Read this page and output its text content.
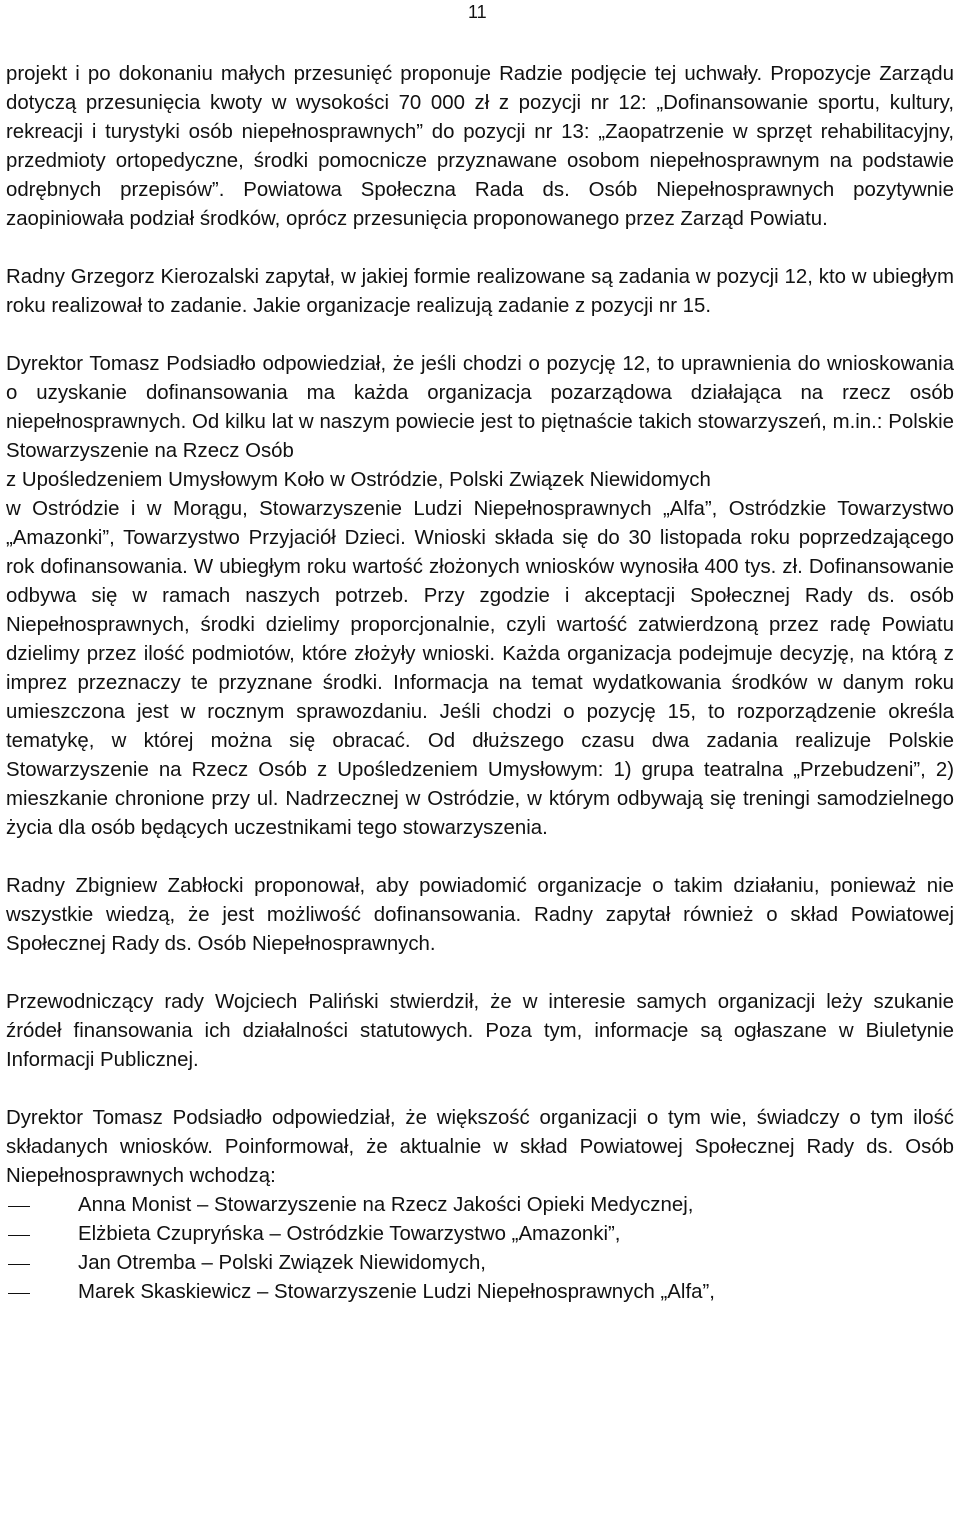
11

projekt i po dokonaniu małych przesunięć proponuje Radzie podjęcie tej uchwały. Propozycje Zarządu dotyczą przesunięcia kwoty w wysokości 70 000 zł z pozycji nr 12: „Dofinansowanie sportu, kultury, rekreacji i turystyki osób niepełnosprawnych” do pozycji nr 13: „Zaopatrzenie w sprzęt rehabilitacyjny, przedmioty ortopedyczne, środki pomocnicze przyznawane osobom niepełnosprawnym na podstawie odrębnych przepisów”. Powiatowa Społeczna Rada ds. Osób Niepełnosprawnych pozytywnie zaopiniowała podział środków, oprócz przesunięcia proponowanego przez Zarząd Powiatu.

Radny Grzegorz Kierozalski zapytał, w jakiej formie realizowane są zadania w pozycji 12, kto w ubiegłym roku realizował to zadanie. Jakie organizacje realizują zadanie z pozycji nr 15.

Dyrektor Tomasz Podsiadło odpowiedział, że jeśli chodzi o pozycję 12, to uprawnienia do wnioskowania o uzyskanie dofinansowania ma każda organizacja pozarządowa działająca na rzecz osób niepełnosprawnych. Od kilku lat w naszym powiecie jest to piętnaście takich stowarzyszeń, m.in.: Polskie Stowarzyszenie na Rzecz Osób
z Upośledzeniem Umysłowym Koło w Ostródzie, Polski Związek Niewidomych
w Ostródzie i w Morągu, Stowarzyszenie Ludzi Niepełnosprawnych „Alfa”, Ostródzkie Towarzystwo „Amazonki”, Towarzystwo Przyjaciół Dzieci. Wnioski składa się do 30 listopada roku poprzedzającego rok dofinansowania. W ubiegłym roku wartość złożonych wniosków wynosiła 400 tys. zł. Dofinansowanie odbywa się w ramach naszych potrzeb. Przy zgodzie i akceptacji Społecznej Rady ds. osób Niepełnosprawnych, środki dzielimy proporcjonalnie, czyli wartość zatwierdzoną przez radę Powiatu dzielimy przez ilość podmiotów, które złożyły wnioski. Każda organizacja podejmuje decyzję, na którą z imprez przeznaczy te przyznane środki. Informacja na temat wydatkowania środków w danym roku umieszczona jest w rocznym sprawozdaniu. Jeśli chodzi o pozycję 15, to rozporządzenie określa tematykę, w której można się obracać. Od dłuższego czasu dwa zadania realizuje Polskie Stowarzyszenie na Rzecz Osób z Upośledzeniem Umysłowym: 1) grupa teatralna „Przebudzeni”, 2) mieszkanie chronione przy ul. Nadrzecznej w Ostródzie, w którym odbywają się treningi samodzielnego życia dla osób będących uczestnikami tego stowarzyszenia.

Radny Zbigniew Zabłocki proponował, aby powiadomić organizacje o takim działaniu, ponieważ nie wszystkie wiedzą, że jest możliwość dofinansowania. Radny zapytał również o skład Powiatowej Społecznej Rady ds. Osób Niepełnosprawnych.

Przewodniczący rady Wojciech Paliński stwierdził, że w interesie samych organizacji leży szukanie źródeł finansowania ich działalności statutowych. Poza tym, informacje są ogłaszane w Biuletynie Informacji Publicznej.

Dyrektor Tomasz Podsiadło odpowiedział, że większość organizacji o tym wie, świadczy o tym ilość składanych wniosków. Poinformował, że aktualnie w skład Powiatowej Społecznej Rady ds. Osób Niepełnosprawnych wchodzą:

Anna Monist – Stowarzyszenie na Rzecz Jakości Opieki Medycznej,
Elżbieta Czupryńska – Ostródzkie Towarzystwo „Amazonki”,
Jan Otremba – Polski Związek Niewidomych,
Marek Skaskiewicz – Stowarzyszenie Ludzi Niepełnosprawnych „Alfa”,
